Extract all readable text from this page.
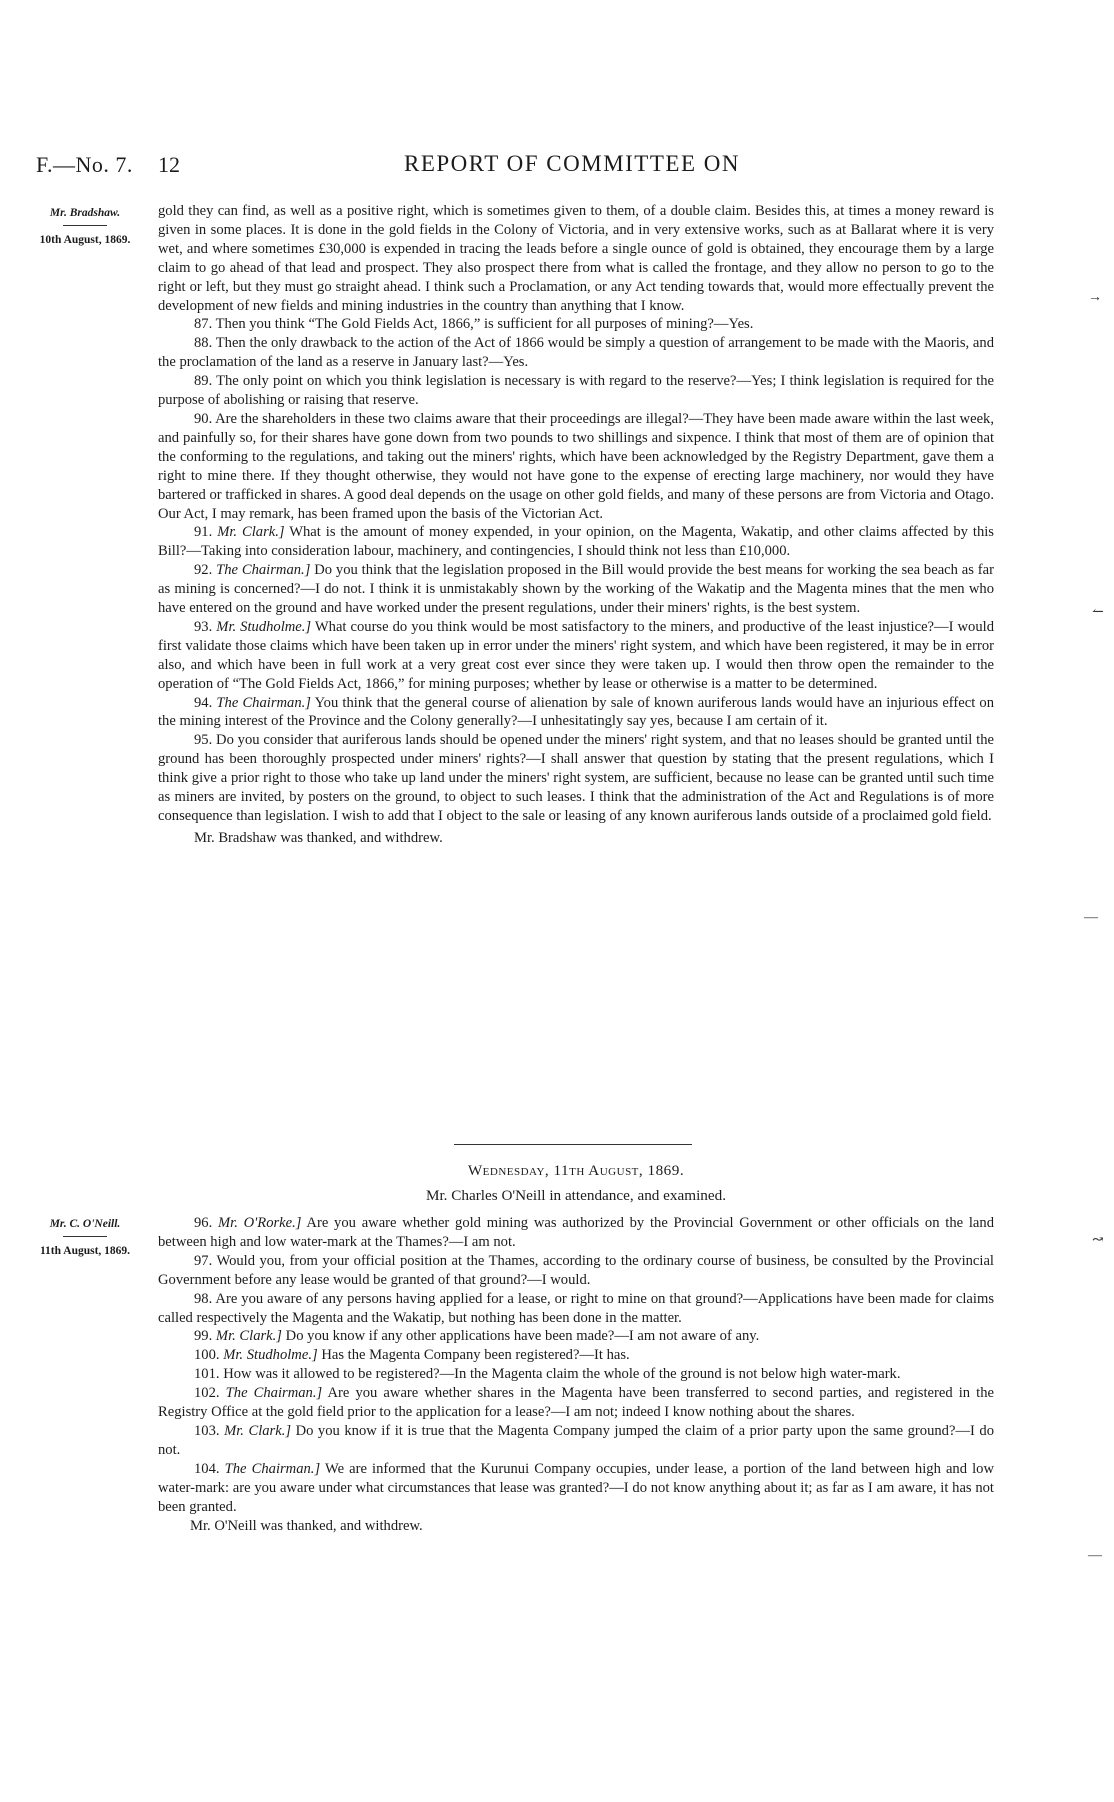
F.—No. 7. 12	REPORT OF COMMITTEE ON
Mr. Bradshaw.
10th August, 1869.

gold they can find, as well as a positive right, which is sometimes given to them, of a double claim. Besides this, at times a money reward is given in some places. It is done in the gold fields in the Colony of Victoria, and in very extensive works, such as at Ballarat where it is very wet, and where sometimes £30,000 is expended in tracing the leads before a single ounce of gold is obtained, they encourage them by a large claim to go ahead of that lead and prospect. They also prospect there from what is called the frontage, and they allow no person to go to the right or left, but they must go straight ahead. I think such a Proclamation, or any Act tending towards that, would more effectually prevent the development of new fields and mining industries in the country than anything that I know.

87. Then you think “The Gold Fields Act, 1866,” is sufficient for all purposes of mining?—Yes.

88. Then the only drawback to the action of the Act of 1866 would be simply a question of arrangement to be made with the Maoris, and the proclamation of the land as a reserve in January last?—Yes.

89. The only point on which you think legislation is necessary is with regard to the reserve?—Yes; I think legislation is required for the purpose of abolishing or raising that reserve.

90. Are the shareholders in these two claims aware that their proceedings are illegal?—They have been made aware within the last week, and painfully so, for their shares have gone down from two pounds to two shillings and sixpence. I think that most of them are of opinion that the conforming to the regulations, and taking out the miners' rights, which have been acknowledged by the Registry Department, gave them a right to mine there. If they thought otherwise, they would not have gone to the expense of erecting large machinery, nor would they have bartered or trafficked in shares. A good deal depends on the usage on other gold fields, and many of these persons are from Victoria and Otago. Our Act, I may remark, has been framed upon the basis of the Victorian Act.

91. Mr. Clark.] What is the amount of money expended, in your opinion, on the Magenta, Wakatip, and other claims affected by this Bill?—Taking into consideration labour, machinery, and contingencies, I should think not less than £10,000.

92. The Chairman.] Do you think that the legislation proposed in the Bill would provide the best means for working the sea beach as far as mining is concerned?—I do not. I think it is unmistakably shown by the working of the Wakatip and the Magenta mines that the men who have entered on the ground and have worked under the present regulations, under their miners' rights, is the best system.

93. Mr. Studholme.] What course do you think would be most satisfactory to the miners, and productive of the least injustice?—I would first validate those claims which have been taken up in error under the miners' right system, and which have been registered, it may be in error also, and which have been in full work at a very great cost ever since they were taken up. I would then throw open the remainder to the operation of “The Gold Fields Act, 1866,” for mining purposes; whether by lease or otherwise is a matter to be determined.

94. The Chairman.] You think that the general course of alienation by sale of known auriferous lands would have an injurious effect on the mining interest of the Province and the Colony generally?—I unhesitatingly say yes, because I am certain of it.

95. Do you consider that auriferous lands should be opened under the miners' right system, and that no leases should be granted until the ground has been thoroughly prospected under miners' rights?—I shall answer that question by stating that the present regulations, which I think give a prior right to those who take up land under the miners' right system, are sufficient, because no lease can be granted until such time as miners are invited, by posters on the ground, to object to such leases. I think that the administration of the Act and Regulations is of more consequence than legislation. I wish to add that I object to the sale or leasing of any known auriferous lands outside of a proclaimed gold field.

Mr. Bradshaw was thanked, and withdrew.

Wednesday, 11th August, 1869.
Mr. Charles O'Neill in attendance, and examined.
Mr. C. O'Neill.
11th August, 1869.

96. Mr. O'Rorke.] Are you aware whether gold mining was authorized by the Provincial Government or other officials on the land between high and low water-mark at the Thames?—I am not.

97. Would you, from your official position at the Thames, according to the ordinary course of business, be consulted by the Provincial Government before any lease would be granted of that ground?—I would.

98. Are you aware of any persons having applied for a lease, or right to mine on that ground?—Applications have been made for claims called respectively the Magenta and the Wakatip, but nothing has been done in the matter.

99. Mr. Clark.] Do you know if any other applications have been made?—I am not aware of any.

100. Mr. Studholme.] Has the Magenta Company been registered?—It has.

101. How was it allowed to be registered?—In the Magenta claim the whole of the ground is not below high water-mark.

102. The Chairman.] Are you aware whether shares in the Magenta have been transferred to second parties, and registered in the Registry Office at the gold field prior to the application for a lease?—I am not; indeed I know nothing about the shares.

103. Mr. Clark.] Do you know if it is true that the Magenta Company jumped the claim of a prior party upon the same ground?—I do not.

104. The Chairman.] We are informed that the Kurunui Company occupies, under lease, a portion of the land between high and low water-mark: are you aware under what circumstances that lease was granted?—I do not know anything about it; as far as I am aware, it has not been granted.

Mr. O'Neill was thanked, and withdrew.

→
↼
—
↝
—
